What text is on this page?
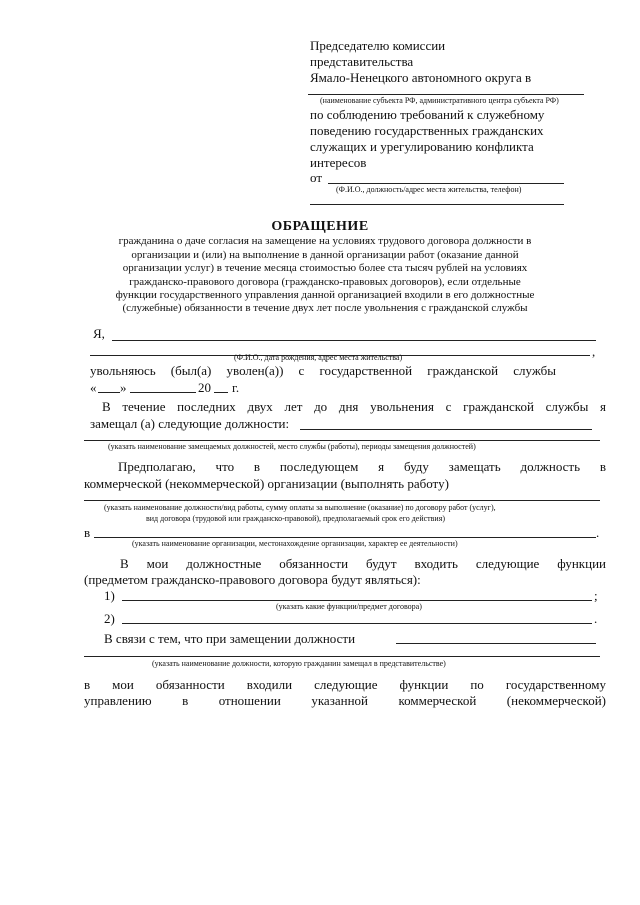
Председателю комиссии
представительства
Ямало-Ненецкого автономного округа в
(наименование субъекта РФ, административного центра субъекта РФ)
по соблюдению требований к служебному
поведению государственных гражданских
служащих и урегулированию конфликта
интересов
от
(Ф.И.О., должность/адрес места жительства, телефон)
ОБРАЩЕНИЕ
гражданина о даче согласия на замещение на условиях трудового договора должности в
организации и (или) на выполнение в данной организации работ (оказание данной
организации услуг) в течение месяца стоимостью более ста тысяч рублей на условиях
гражданско-правового договора (гражданско-правовых договоров), если отдельные
функции государственного управления данной организацией входили в его должностные
(служебные) обязанности в течение двух лет после увольнения с гражданской службы
Я,
,
(Ф.И.О., дата рождения, адрес места жительства)
увольняюсь (был(а) уволен(а)) с государственной гражданской службы
« »	20 г.
В течение последних двух лет до дня увольнения с гражданской службы я
замещал (а) следующие должности:
(указать наименование замещаемых должностей, место службы (работы), периоды замещения должностей)
Предполагаю, что в последующем я буду замещать должность в
коммерческой (некоммерческой) организации (выполнять работу)
(указать наименование должности/вид работы, сумму оплаты за выполнение (оказание) по договору работ (услуг),
вид договора (трудовой или гражданско-правовой), предполагаемый срок его действия)
в	.
(указать наименование организации, местонахождение организации, характер ее деятельности)
В мои должностные обязанности будут входить следующие функции
(предметом гражданско-правового договора будут являться):
1)	;
(указать какие функции/предмет договора)
2)	.
В связи с тем, что при замещении должности
(указать наименование должности, которую гражданин замещал в представительстве)
в мои обязанности входили следующие функции по государственному
управлению в отношении указанной коммерческой (некоммерческой)
